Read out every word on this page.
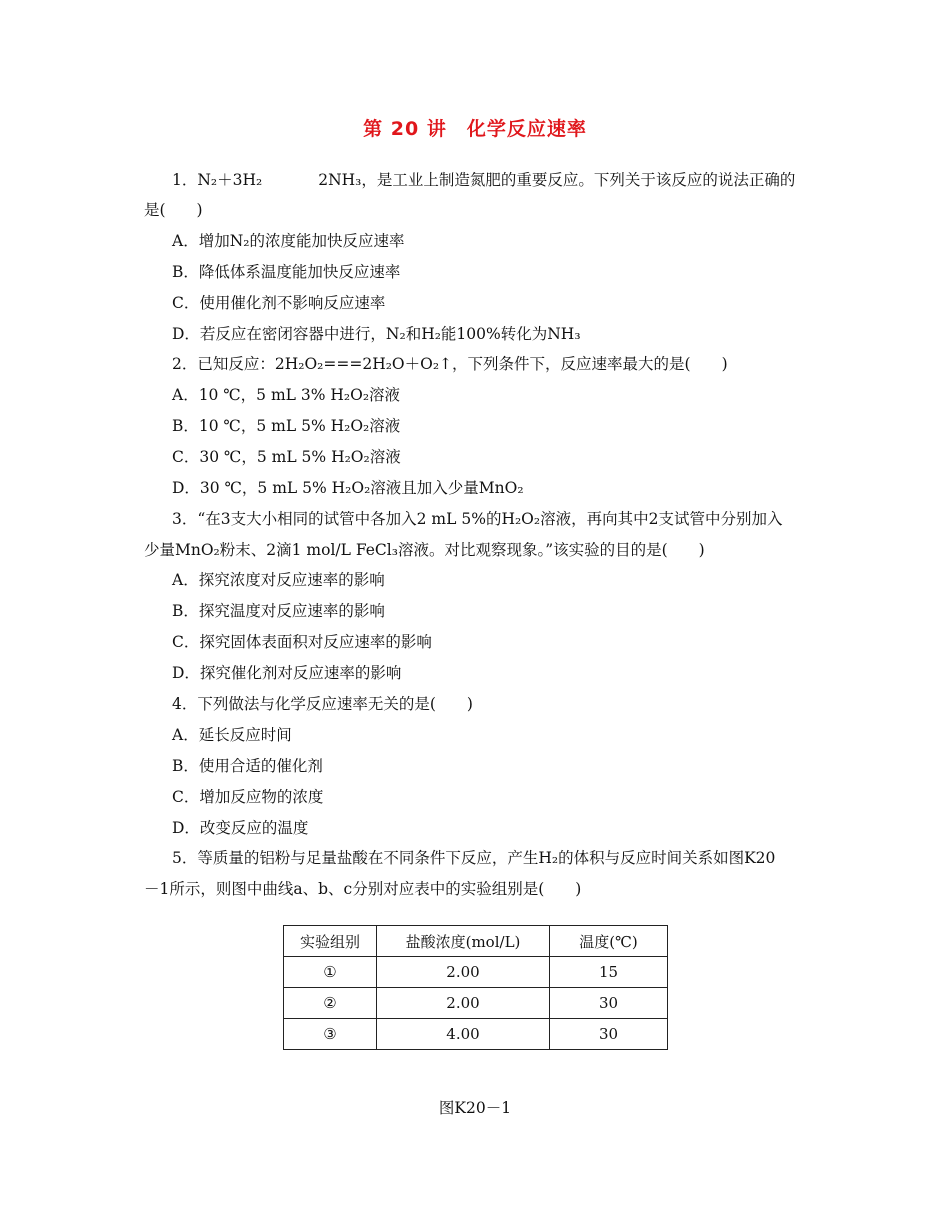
第 20 讲　化学反应速率
1．N₂＋3H₂	2NH₃，是工业上制造氮肥的重要反应。下列关于该反应的说法正确的
是(　　)
A．增加N₂的浓度能加快反应速率
B．降低体系温度能加快反应速率
C．使用催化剂不影响反应速率
D．若反应在密闭容器中进行，N₂和H₂能100%转化为NH₃
2．已知反应：2H₂O₂===2H₂O＋O₂↑，下列条件下，反应速率最大的是(　　)
A．10 ℃，5 mL 3% H₂O₂溶液
B．10 ℃，5 mL 5% H₂O₂溶液
C．30 ℃，5 mL 5% H₂O₂溶液
D．30 ℃，5 mL 5% H₂O₂溶液且加入少量MnO₂
3．“在3支大小相同的试管中各加入2 mL 5%的H₂O₂溶液，再向其中2支试管中分别加入
少量MnO₂粉末、2滴1 mol/L FeCl₃溶液。对比观察现象。”该实验的目的是(　　)
A．探究浓度对反应速率的影响
B．探究温度对反应速率的影响
C．探究固体表面积对反应速率的影响
D．探究催化剂对反应速率的影响
4．下列做法与化学反应速率无关的是(　　)
A．延长反应时间
B．使用合适的催化剂
C．增加反应物的浓度
D．改变反应的温度
5．等质量的铝粉与足量盐酸在不同条件下反应，产生H₂的体积与反应时间关系如图K20
－1所示，则图中曲线a、b、c分别对应表中的实验组别是(　　)
实验组别	盐酸浓度(mol/L)	温度(℃)
①	2.00	15
②	2.00	30
③	4.00	30
图K20－1
